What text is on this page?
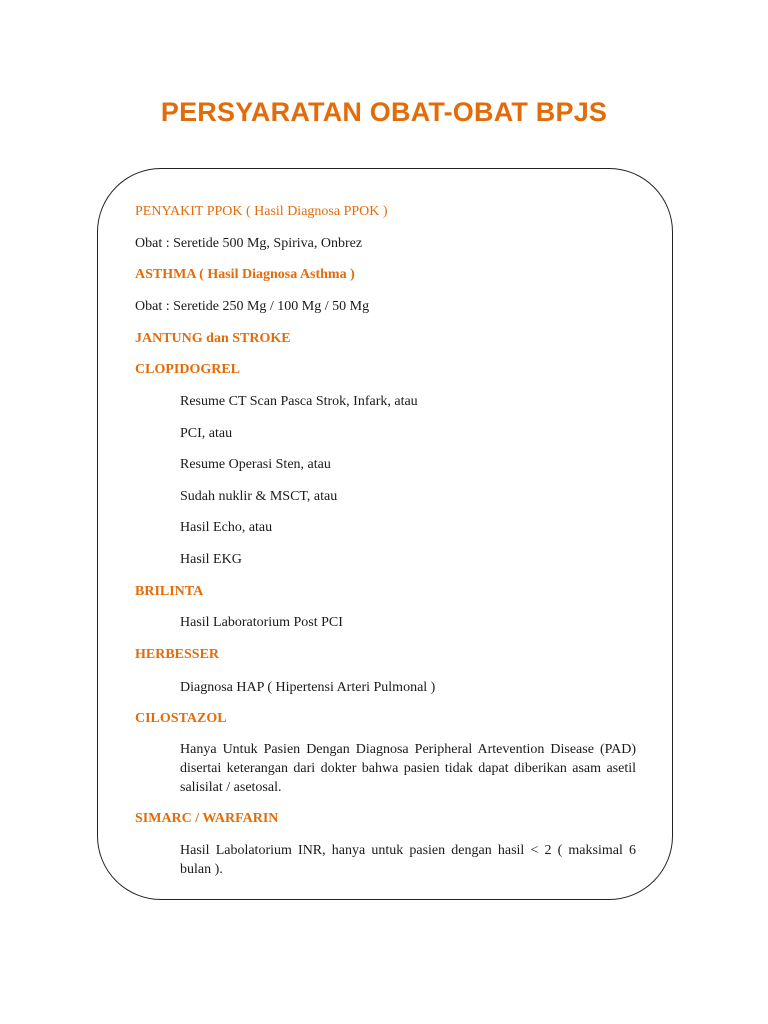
PERSYARATAN OBAT-OBAT BPJS
PENYAKIT PPOK ( Hasil Diagnosa PPOK )
Obat : Seretide 500 Mg, Spiriva, Onbrez
ASTHMA ( Hasil Diagnosa Asthma )
Obat : Seretide 250 Mg / 100 Mg / 50 Mg
JANTUNG dan STROKE
CLOPIDOGREL
Resume CT Scan Pasca Strok, Infark, atau
PCI, atau
Resume Operasi Sten, atau
Sudah nuklir & MSCT, atau
Hasil Echo, atau
Hasil EKG
BRILINTA
Hasil Laboratorium Post PCI
HERBESSER
Diagnosa HAP ( Hipertensi Arteri Pulmonal )
CILOSTAZOL
Hanya Untuk Pasien Dengan Diagnosa Peripheral Artevention Disease (PAD) disertai keterangan dari dokter bahwa pasien tidak dapat diberikan asam asetil salisilat / asetosal.
SIMARC / WARFARIN
Hasil Labolatorium INR, hanya untuk pasien dengan hasil < 2 ( maksimal 6 bulan ).
